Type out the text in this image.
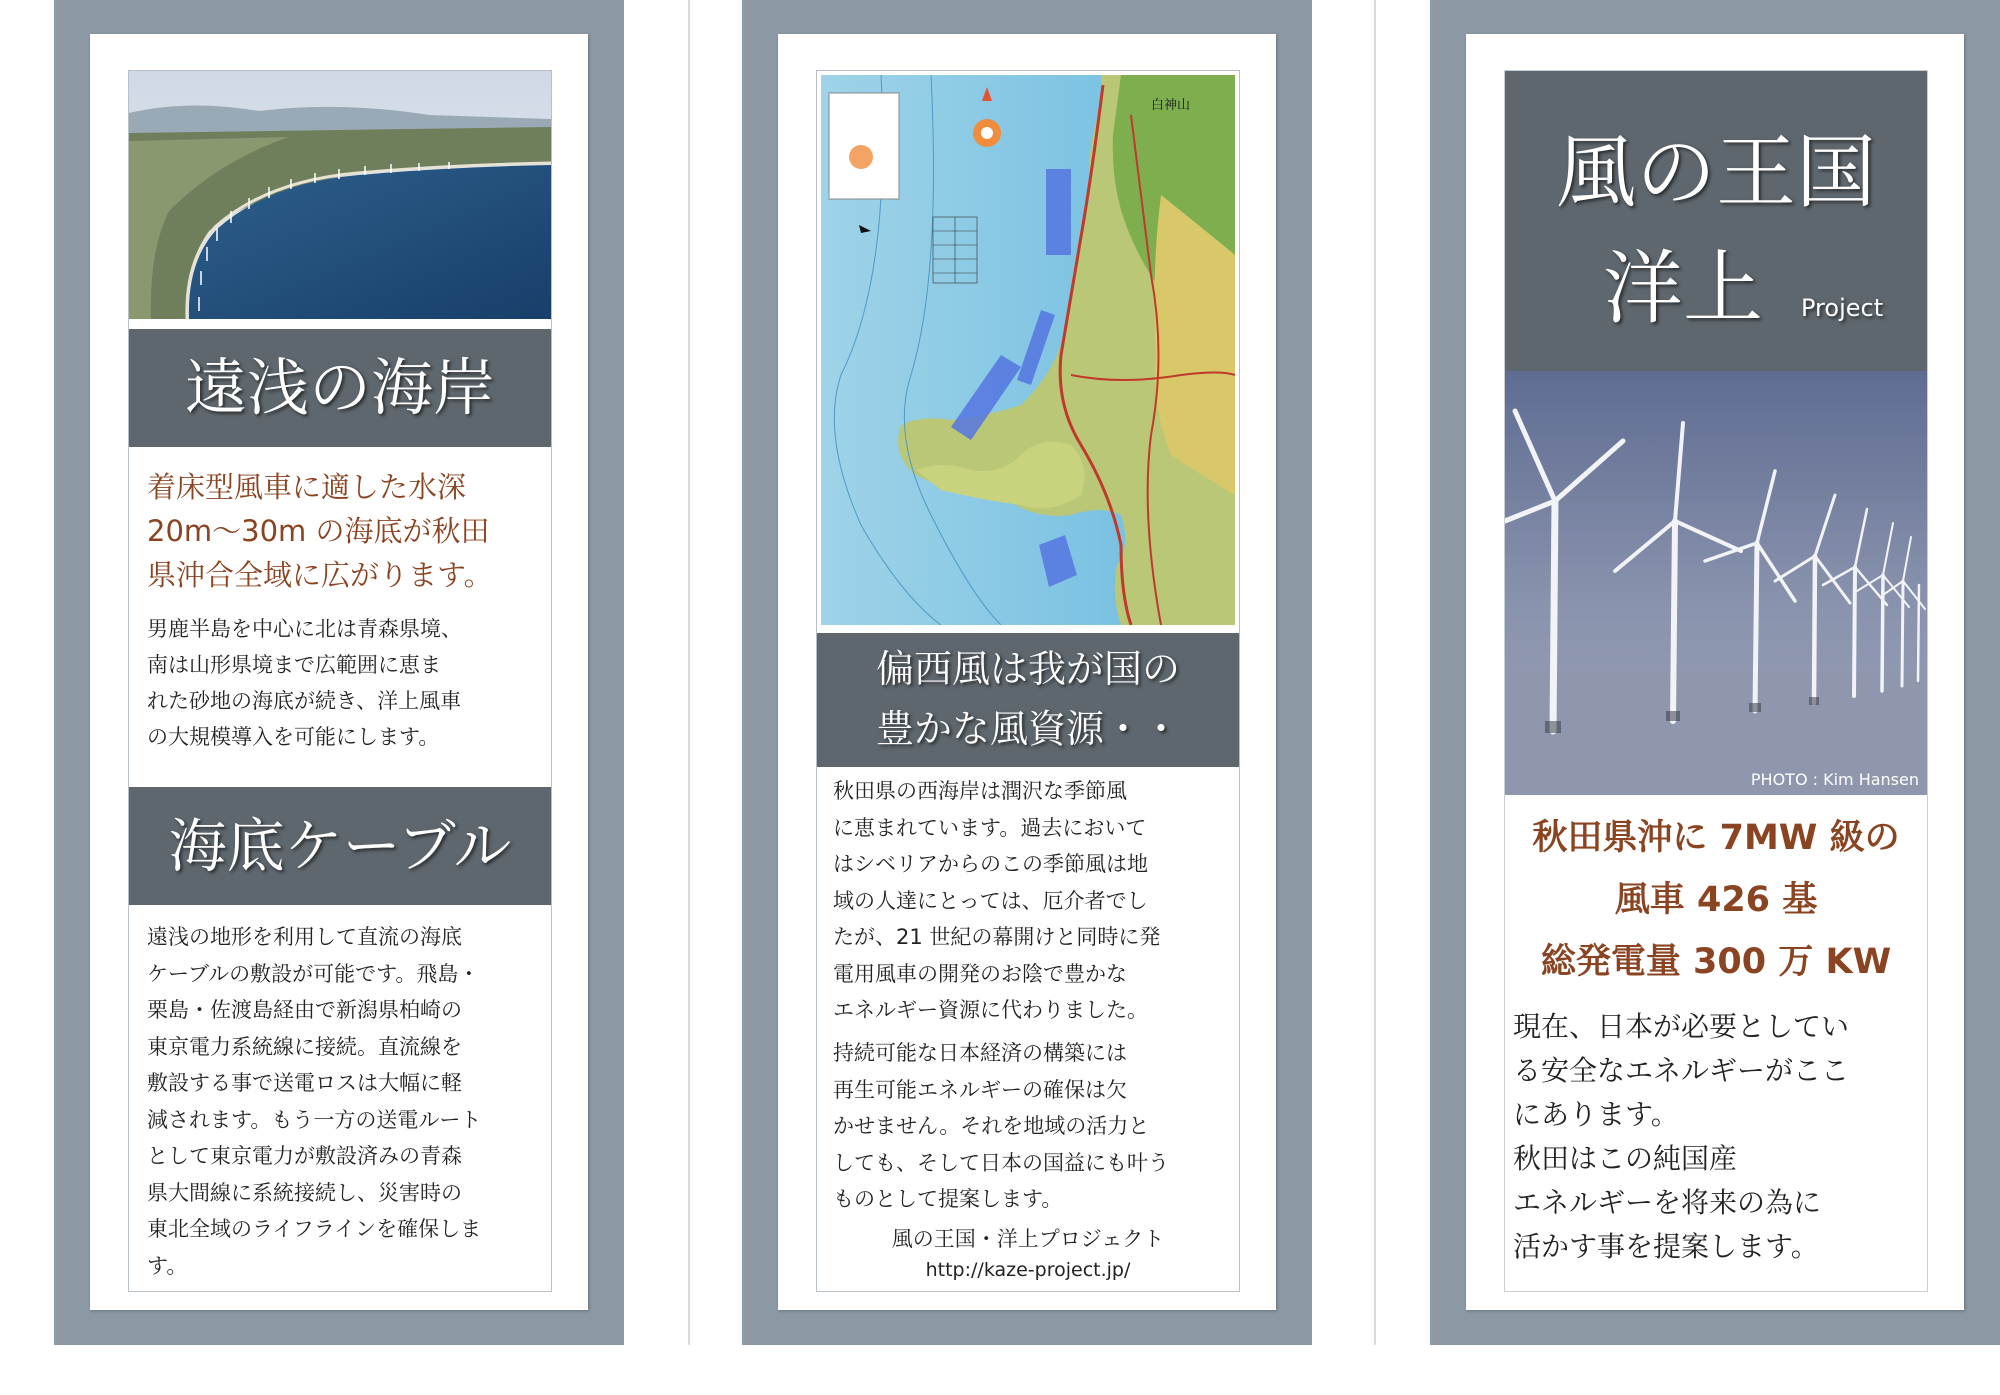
遠浅の海岸
着床型風車に適した水深
20m～30m の海底が秋田
県沖合全域に広がります。
男鹿半島を中心に北は青森県境、
南は山形県境まで広範囲に恵ま
れた砂地の海底が続き、洋上風車
の大規模導入を可能にします。
海底ケーブル
遠浅の地形を利用して直流の海底
ケーブルの敷設が可能です。飛島・
栗島・佐渡島経由で新潟県柏崎の
東京電力系統線に接続。直流線を
敷設する事で送電ロスは大幅に軽
減されます。もう一方の送電ルート
として東京電力が敷設済みの青森
県大間線に系統接続し、災害時の
東北全域のライフラインを確保しま
す。
白神山
偏西風は我が国の
豊かな風資源・・
秋田県の西海岸は潤沢な季節風
に恵まれています。過去において
はシベリアからのこの季節風は地
域の人達にとっては、厄介者でし
たが、21 世紀の幕開けと同時に発
電用風車の開発のお陰で豊かな
エネルギー資源に代わりました。
持続可能な日本経済の構築には
再生可能エネルギーの確保は欠
かせません。それを地域の活力と
しても、そして日本の国益にも叶う
ものとして提案します。
風の王国・洋上プロジェクト
http://kaze-project.jp/
風の王国
洋上 Project
PHOTO : Kim Hansen
秋田県沖に 7MW 級の
風車 426 基
総発電量 300 万 KW
現在、日本が必要としてい
る安全なエネルギーがここ
にあります。
秋田はこの純国産
エネルギーを将来の為に
活かす事を提案します。
